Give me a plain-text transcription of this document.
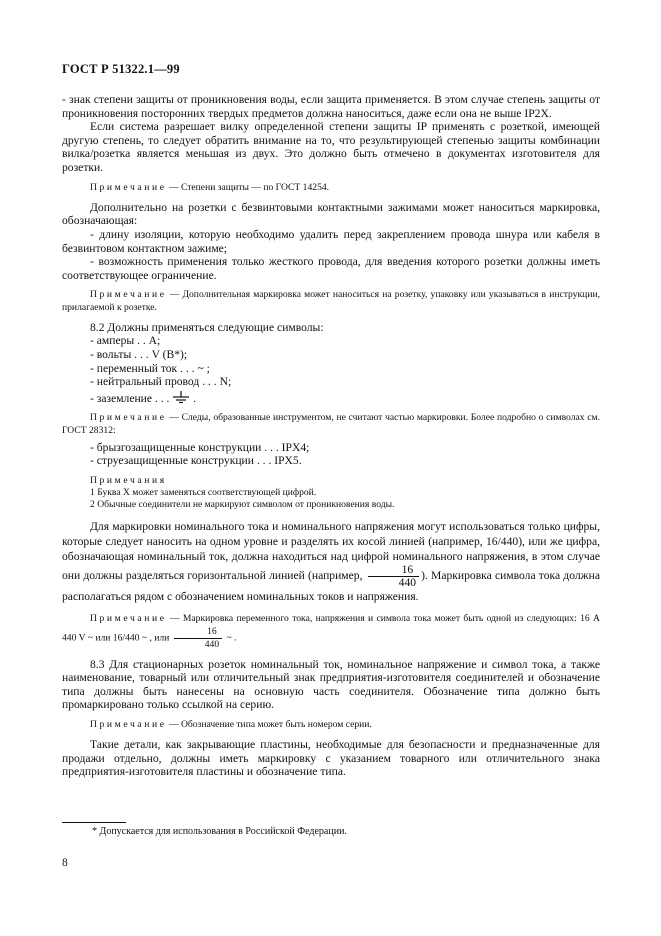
ГОСТ Р 51322.1—99

- знак степени защиты от проникновения воды, если защита применяется. В этом случае степень защиты от проникновения посторонних твердых предметов должна наноситься, даже если она не выше IP2X.

Если система разрешает вилку определенной степени защиты IP применять с розеткой, имеющей другую степень, то следует обратить внимание на то, что результирующей степенью защиты комбинации вилка/розетка является меньшая из двух. Это должно быть отмечено в документах изготовителя для розетки.

Примечание — Степени защиты — по ГОСТ 14254.

Дополнительно на розетки с безвинтовыми контактными зажимами может наноситься маркировка, обозначающая:

- длину изоляции, которую необходимо удалить перед закреплением провода шнура или кабеля в безвинтовом контактном зажиме;

- возможность применения только жесткого провода, для введения которого розетки должны иметь соответствующее ограничение.

Примечание — Дополнительная маркировка может наноситься на розетку, упаковку или указываться в инструкции, прилагаемой к розетке.

8.2 Должны применяться следующие символы:

- амперы . . A;

- вольты . . . V (B*);

- переменный ток . . . ~ ;

- нейтральный провод . . . N;

- заземление . . . .

Примечание — Следы, образованные инструментом, не считают частью маркировки. Более подробно о символах см. ГОСТ 28312:

- брызгозащищенные конструкции . . . IPX4;

- струезащищенные конструкции . . . IPX5.

Примечания

1 Буква X может заменяться соответствующей цифрой.

2 Обычные соединители не маркируют символом от проникновения воды.

Для маркировки номинального тока и номинального напряжения могут использоваться только цифры, которые следует наносить на одном уровне и разделять их косой линией (например, 16/440), или же цифра, обозначающая номинальный ток, должна находиться над цифрой номинального напряжения, в этом случае они должны разделяться горизонтальной линией (например, $\frac{16}{440}$ ). Маркировка символа тока должна располагаться рядом с обозначением номинальных токов и напряжения.

Примечание — Маркировка переменного тока, напряжения и символа тока может быть одной из следующих: 16 A 440 V ~ или 16/440 ~ , или $\frac{16}{440}$ ~ .

8.3 Для стационарных розеток номинальный ток, номинальное напряжение и символ тока, а также наименование, товарный или отличительный знак предприятия-изготовителя соединителей и обозначение типа должны быть нанесены на основную часть соединителя. Обозначение типа должно быть промаркировано только ссылкой на серию.

Примечание — Обозначение типа может быть номером серии.

Такие детали, как закрывающие пластины, необходимые для безопасности и предназначенные для продажи отдельно, должны иметь маркировку с указанием товарного или отличительного знака предприятия-изготовителя пластины и обозначение типа.

* Допускается для использования в Российской Федерации.
8
